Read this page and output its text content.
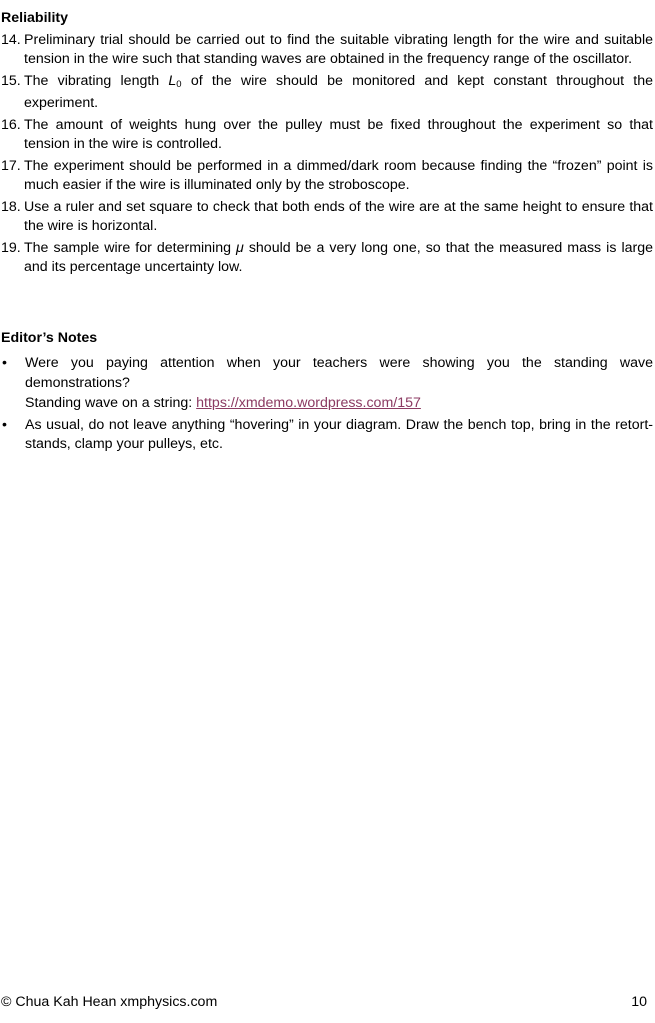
Reliability
14. Preliminary trial should be carried out to find the suitable vibrating length for the wire and suitable tension in the wire such that standing waves are obtained in the frequency range of the oscillator.
15. The vibrating length $L_0$ of the wire should be monitored and kept constant throughout the experiment.
16. The amount of weights hung over the pulley must be fixed throughout the experiment so that tension in the wire is controlled.
17. The experiment should be performed in a dimmed/dark room because finding the “frozen” point is much easier if the wire is illuminated only by the stroboscope.
18. Use a ruler and set square to check that both ends of the wire are at the same height to ensure that the wire is horizontal.
19. The sample wire for determining μ should be a very long one, so that the measured mass is large and its percentage uncertainty low.
Editor’s Notes
•	Were you paying attention when your teachers were showing you the standing wave demonstrations?
Standing wave on a string: https://xmdemo.wordpress.com/157
•	As usual, do not leave anything “hovering” in your diagram. Draw the bench top, bring in the retort-stands, clamp your pulleys, etc.
© Chua Kah Hean xmphysics.com	10
